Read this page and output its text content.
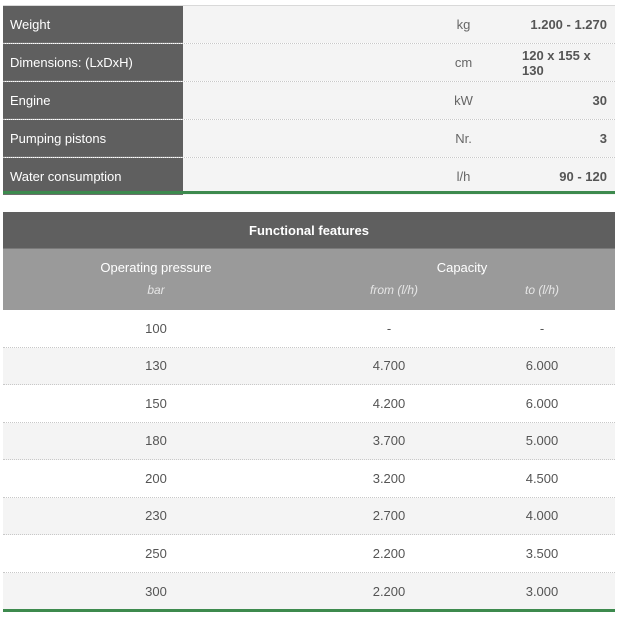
Weight	kg	1.200 - 1.270
Dimensions: (LxDxH)	cm	120 x 155 x 130
Engine	kW	30
Pumping pistons	Nr.	3
Water consumption	l/h	90 - 120
Functional features
Operating pressure
bar
Capacity
from (l/h)	to (l/h)
100	-	-
130	4.700	6.000
150	4.200	6.000
180	3.700	5.000
200	3.200	4.500
230	2.700	4.000
250	2.200	3.500
300	2.200	3.000
